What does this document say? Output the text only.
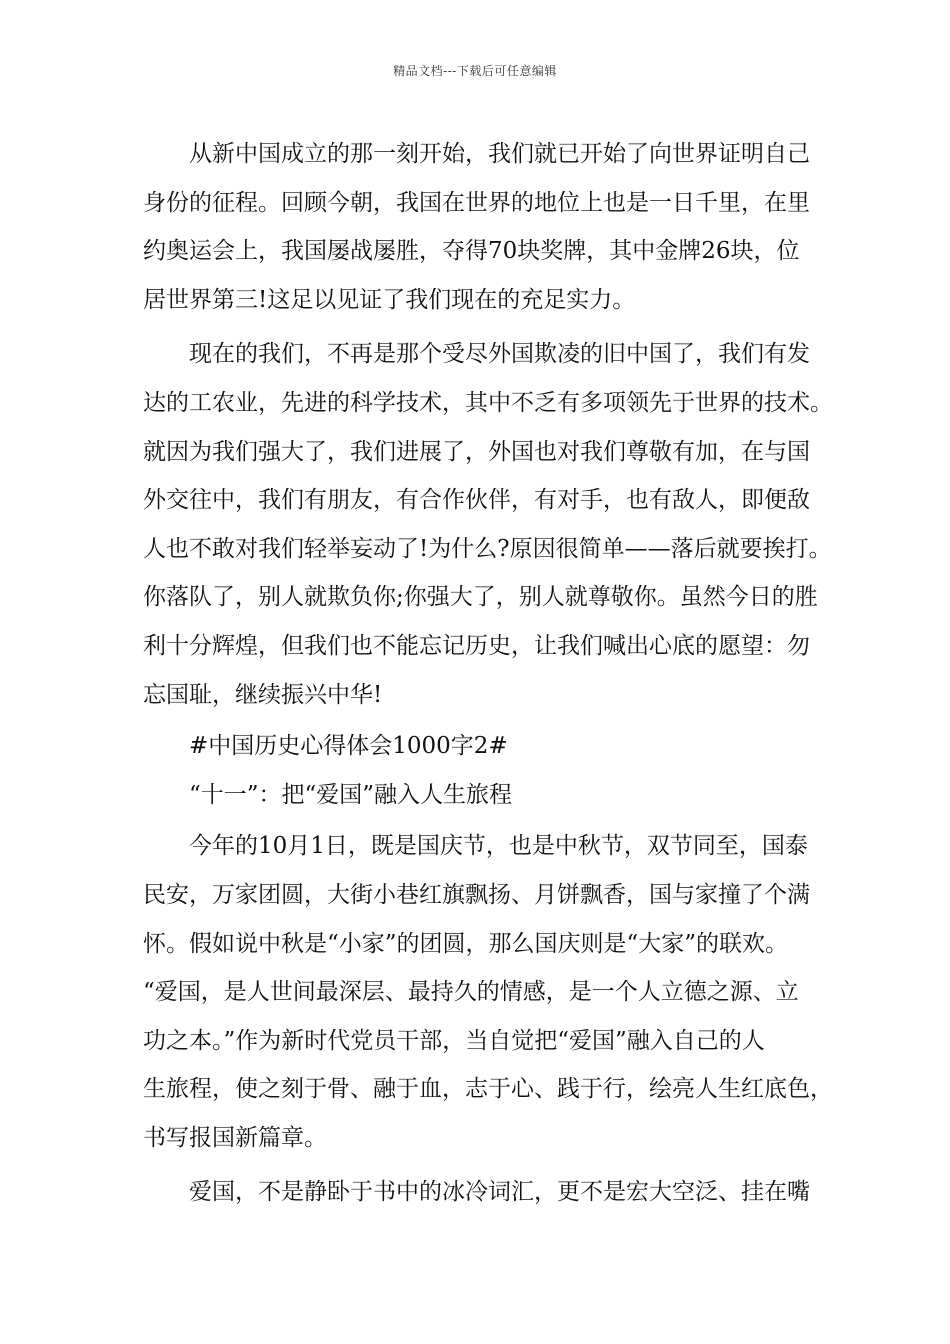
精品文档---下载后可任意编辑

从新中国成立的那一刻开始，我们就已开始了向世界证明自己

身份的征程。回顾今朝，我国在世界的地位上也是一日千里，在里

约奥运会上，我国屡战屡胜，夺得70块奖牌，其中金牌26块，位

居世界第三!这足以见证了我们现在的充足实力。

现在的我们，不再是那个受尽外国欺凌的旧中国了，我们有发

达的工农业，先进的科学技术，其中不乏有多项领先于世界的技术。

就因为我们强大了，我们进展了，外国也对我们尊敬有加，在与国

外交往中，我们有朋友，有合作伙伴，有对手，也有敌人，即便敌

人也不敢对我们轻举妄动了!为什么?原因很简单——落后就要挨打。

你落队了，别人就欺负你;你强大了，别人就尊敬你。虽然今日的胜

利十分辉煌，但我们也不能忘记历史，让我们喊出心底的愿望：勿

忘国耻，继续振兴中华!

#中国历史心得体会1000字2#

“十一”：把“爱国”融入人生旅程

今年的10月1日，既是国庆节，也是中秋节，双节同至，国泰

民安，万家团圆，大街小巷红旗飘扬、月饼飘香，国与家撞了个满

怀。假如说中秋是“小家”的团圆，那么国庆则是“大家”的联欢。

“爱国，是人世间最深层、最持久的情感，是一个人立德之源、立

功之本。”作为新时代党员干部，当自觉把“爱国”融入自己的人

生旅程，使之刻于骨、融于血，志于心、践于行，绘亮人生红底色，

书写报国新篇章。

爱国，不是静卧于书中的冰冷词汇，更不是宏大空泛、挂在嘴
